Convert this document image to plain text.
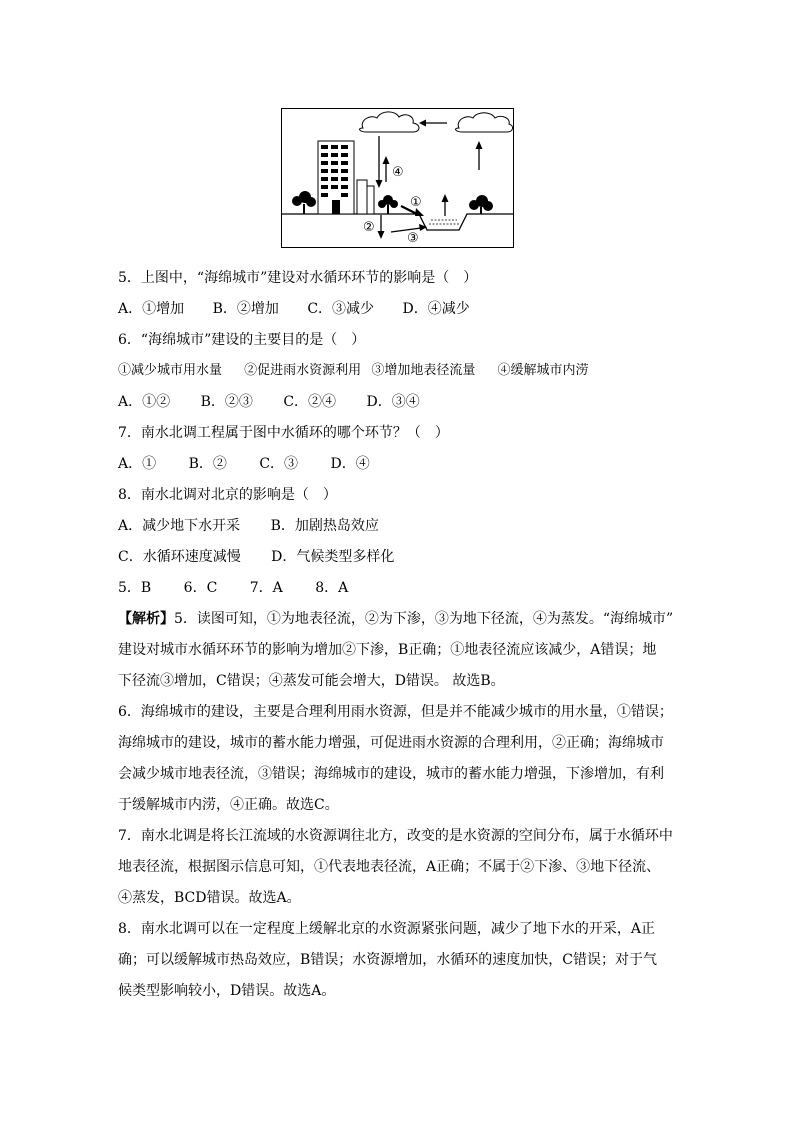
④
①
②
③
5．上图中，“海绵城市”建设对水循环环节的影响是（　）
A．①增加 B．②增加 C．③减少 D．④减少
6．“海绵城市”建设的主要目的是（　）
①减少城市用水量 ②促进雨水资源利用 ③增加地表径流量 ④缓解城市内涝
A．①② B．②③ C．②④ D．③④
7．南水北调工程属于图中水循环的哪个环节？（　）
A．① B．② C．③ D．④
8．南水北调对北京的影响是（　）
A．减少地下水开采 B．加剧热岛效应
C．水循环速度减慢 D．气候类型多样化
5．B 6．C 7．A 8．A
【解析】5．读图可知，①为地表径流，②为下渗，③为地下径流，④为蒸发。“海绵城市”
建设对城市水循环环节的影响为增加②下渗，B正确；①地表径流应该减少，A错误；地
下径流③增加，C错误；④蒸发可能会增大，D错误。 故选B。
6．海绵城市的建设，主要是合理利用雨水资源，但是并不能减少城市的用水量，①错误；
海绵城市的建设，城市的蓄水能力增强，可促进雨水资源的合理利用，②正确；海绵城市
会减少城市地表径流，③错误；海绵城市的建设，城市的蓄水能力增强，下渗增加，有利
于缓解城市内涝，④正确。故选C。
7．南水北调是将长江流域的水资源调往北方，改变的是水资源的空间分布，属于水循环中
地表径流，根据图示信息可知，①代表地表径流，A正确；不属于②下渗、③地下径流、
④蒸发，BCD错误。故选A。
8．南水北调可以在一定程度上缓解北京的水资源紧张问题，减少了地下水的开采，A正
确；可以缓解城市热岛效应，B错误；水资源增加，水循环的速度加快，C错误；对于气
候类型影响较小，D错误。故选A。
